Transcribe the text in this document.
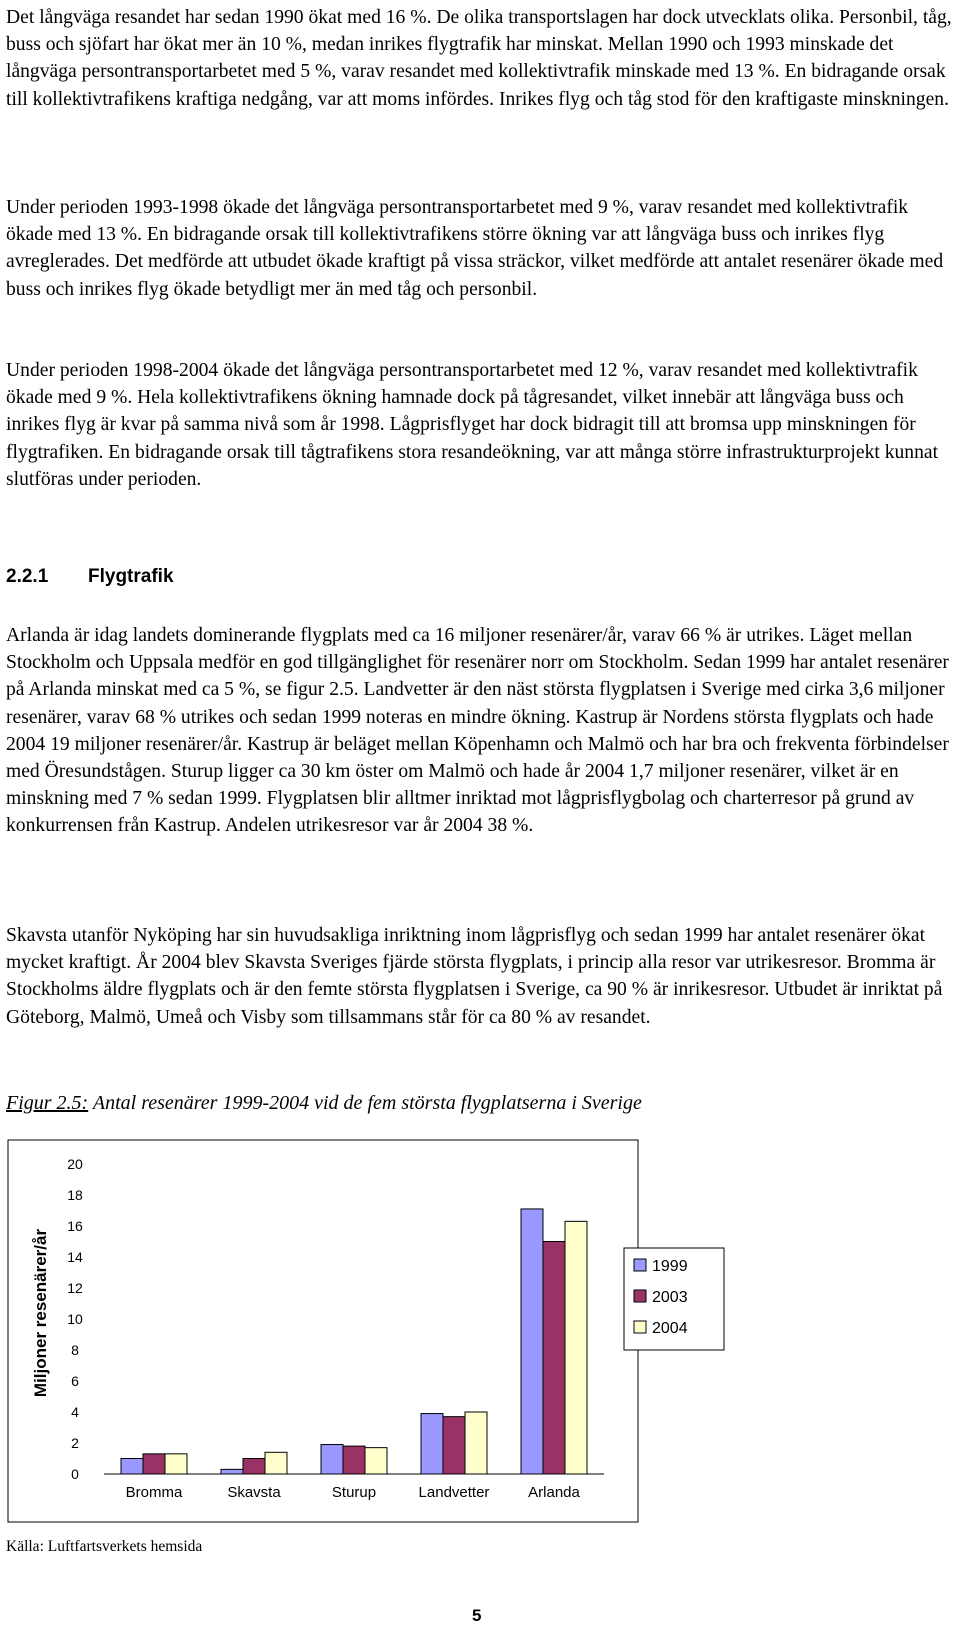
Det långväga resandet har sedan 1990 ökat med 16 %. De olika transportslagen har dock utvecklats olika. Personbil, tåg, buss och sjöfart har ökat mer än 10 %, medan inrikes flygtrafik har minskat. Mellan 1990 och 1993 minskade det långväga persontransportarbetet med 5 %, varav resandet med kollektivtrafik minskade med 13 %. En bidragande orsak till kollektivtrafikens kraftiga nedgång, var att moms infördes. Inrikes flyg och tåg stod för den kraftigaste minskningen.

Under perioden 1993-1998 ökade det långväga persontransportarbetet med 9 %, varav resandet med kollektivtrafik ökade med 13 %. En bidragande orsak till kollektivtrafikens större ökning var att långväga buss och inrikes flyg avreglerades. Det medförde att utbudet ökade kraftigt på vissa sträckor, vilket medförde att antalet resenärer ökade med buss och inrikes flyg ökade betydligt mer än med tåg och personbil.

Under perioden 1998-2004 ökade det långväga persontransportarbetet med 12 %, varav resandet med kollektivtrafik ökade med 9 %. Hela kollektivtrafikens ökning hamnade dock på tågresandet, vilket innebär att långväga buss och inrikes flyg är kvar på samma nivå som år 1998. Lågprisflyget har dock bidragit till att bromsa upp minskningen för flygtrafiken. En bidragande orsak till tågtrafikens stora resandeökning, var att många större infrastrukturprojekt kunnat slutföras under perioden.

2.2.1 Flygtrafik

Arlanda är idag landets dominerande flygplats med ca 16 miljoner resenärer/år, varav 66 % är utrikes. Läget mellan Stockholm och Uppsala medför en god tillgänglighet för resenärer norr om Stockholm. Sedan 1999 har antalet resenärer på Arlanda minskat med ca 5 %, se figur 2.5. Landvetter är den näst största flygplatsen i Sverige med cirka 3,6 miljoner resenärer, varav 68 % utrikes och sedan 1999 noteras en mindre ökning. Kastrup är Nordens största flygplats och hade 2004 19 miljoner resenärer/år. Kastrup är beläget mellan Köpenhamn och Malmö och har bra och frekventa förbindelser med Öresundstågen. Sturup ligger ca 30 km öster om Malmö och hade år 2004 1,7 miljoner resenärer, vilket är en minskning med 7 % sedan 1999. Flygplatsen blir alltmer inriktad mot lågprisflygbolag och charterresor på grund av konkurrensen från Kastrup. Andelen utrikesresor var år 2004 38 %.

Skavsta utanför Nyköping har sin huvudsakliga inriktning inom lågprisflyg och sedan 1999 har antalet resenärer ökat mycket kraftigt. År 2004 blev Skavsta Sveriges fjärde största flygplats, i princip alla resor var utrikesresor. Bromma är Stockholms äldre flygplats och är den femte största flygplatsen i Sverige, ca 90 % är inrikesresor. Utbudet är inriktat på Göteborg, Malmö, Umeå och Visby som tillsammans står för ca 80 % av resandet.

Figur 2.5: Antal resenärer 1999-2004 vid de fem största flygplatserna i Sverige

0
2
4
6
8
10
12
14
16
18
20
Bromma	Skavsta	Sturup	Landvetter	Arlanda
Miljoner resenärer/år	1999
2003
2004

Källa: Luftfartsverkets hemsida

5
